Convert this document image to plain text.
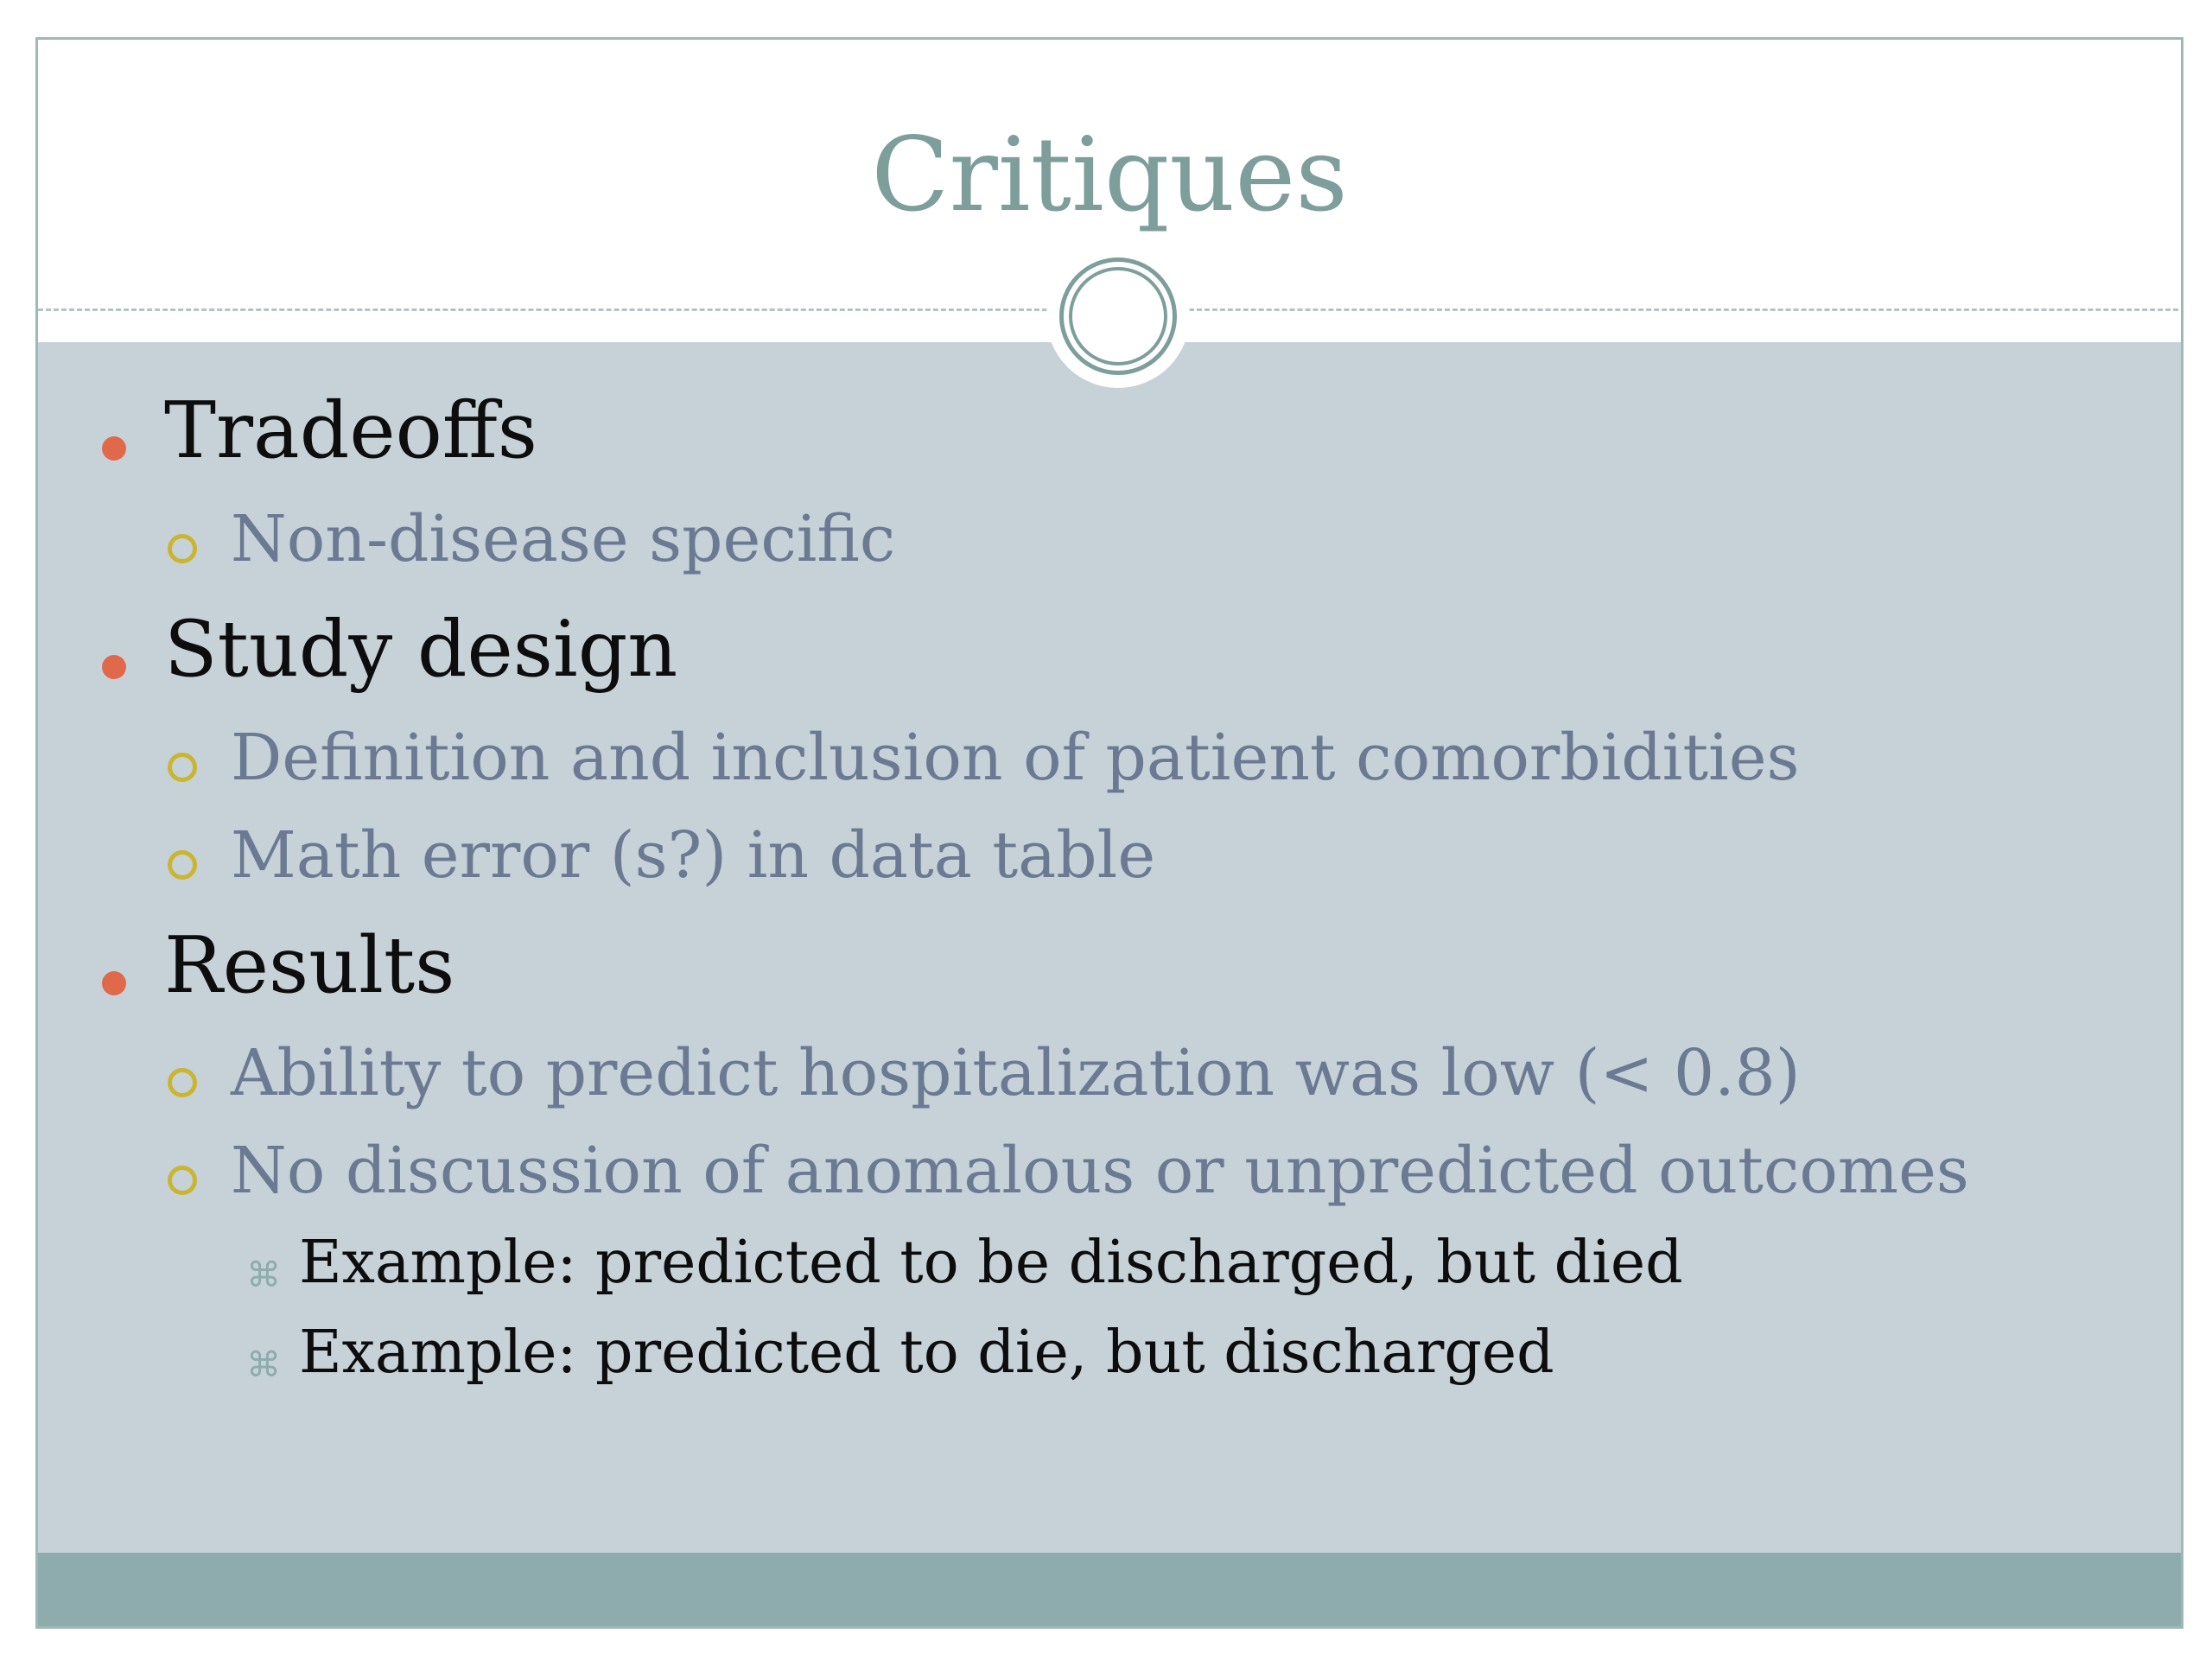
Critiques
Tradeoffs
Non-disease specific
Study design
Definition and inclusion of patient comorbidities
Math error (s?) in data table
Results
Ability to predict hospitalization was low (< 0.8)
No discussion of anomalous or unpredicted outcomes
⌘ Example: predicted to be discharged, but died
⌘ Example: predicted to die, but discharged
